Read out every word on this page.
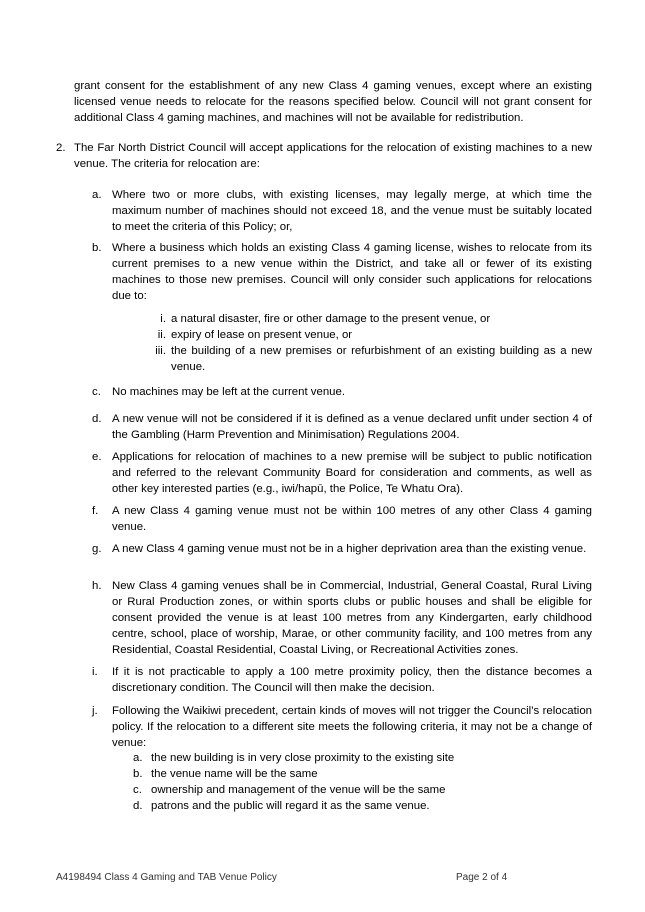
grant consent for the establishment of any new Class 4 gaming venues, except where an existing licensed venue needs to relocate for the reasons specified below. Council will not grant consent for additional Class 4 gaming machines, and machines will not be available for redistribution.

2. The Far North District Council will accept applications for the relocation of existing machines to a new venue. The criteria for relocation are:

a. Where two or more clubs, with existing licenses, may legally merge, at which time the maximum number of machines should not exceed 18, and the venue must be suitably located to meet the criteria of this Policy; or,

b. Where a business which holds an existing Class 4 gaming license, wishes to relocate from its current premises to a new venue within the District, and take all or fewer of its existing machines to those new premises. Council will only consider such applications for relocations due to:

i. a natural disaster, fire or other damage to the present venue, or

ii. expiry of lease on present venue, or

iii. the building of a new premises or refurbishment of an existing building as a new venue.

c. No machines may be left at the current venue.

d. A new venue will not be considered if it is defined as a venue declared unfit under section 4 of the Gambling (Harm Prevention and Minimisation) Regulations 2004.

e. Applications for relocation of machines to a new premise will be subject to public notification and referred to the relevant Community Board for consideration and comments, as well as other key interested parties (e.g., iwi/hapū, the Police, Te Whatu Ora).

f.	A new Class 4 gaming venue must not be within 100 metres of any other Class 4 gaming venue.

g. A new Class 4 gaming venue must not be in a higher deprivation area than the existing venue.

h. New Class 4 gaming venues shall be in Commercial, Industrial, General Coastal, Rural Living or Rural Production zones, or within sports clubs or public houses and shall be eligible for consent provided the venue is at least 100 metres from any Kindergarten, early childhood centre, school, place of worship, Marae, or other community facility, and 100 metres from any Residential, Coastal Residential, Coastal Living, or Recreational Activities zones.

i.	If it is not practicable to apply a 100 metre proximity policy, then the distance becomes a discretionary condition. The Council will then make the decision.

j.	Following the Waikiwi precedent, certain kinds of moves will not trigger the Council’s relocation policy. If the relocation to a different site meets the following criteria, it may not be a change of venue:

a. the new building is in very close proximity to the existing site

b. the venue name will be the same

c. ownership and management of the venue will be the same

d. patrons and the public will regard it as the same venue.

A4198494 Class 4 Gaming and TAB Venue Policy	Page 2 of 4
